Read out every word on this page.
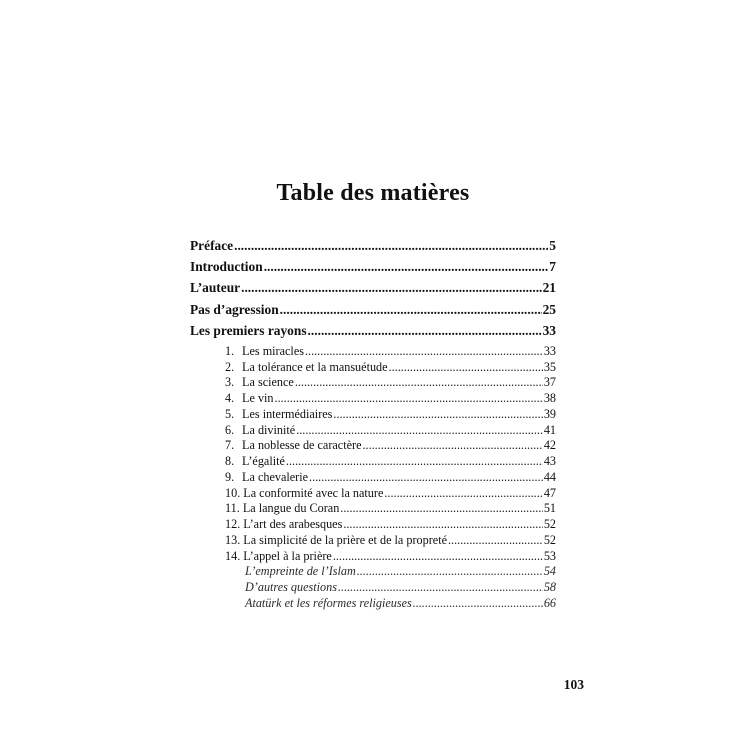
Table des matières
Préface .....	5
Introduction .....	7
L’auteur .....	21
Pas d’agression .....	25
Les premiers rayons .....	33
1. Les miracles .....	33
2. La tolérance et la mansuétude .....	35
3. La science .....	37
4. Le vin .....	38
5. Les intermédiaires .....	39
6. La divinité .....	41
7. La noblesse de caractère .....	42
8. L’égalité .....	43
9. La chevalerie .....	44
10. La conformité avec la nature .....	47
11. La langue du Coran .....	51
12. L’art des arabesques .....	52
13. La simplicité de la prière et de la propreté .....	52
14. L’appel à la prière .....	53
L’empreinte de l’Islam .....	54
D’autres questions .....	58
Atatürk et les réformes religieuses .....	66
103
